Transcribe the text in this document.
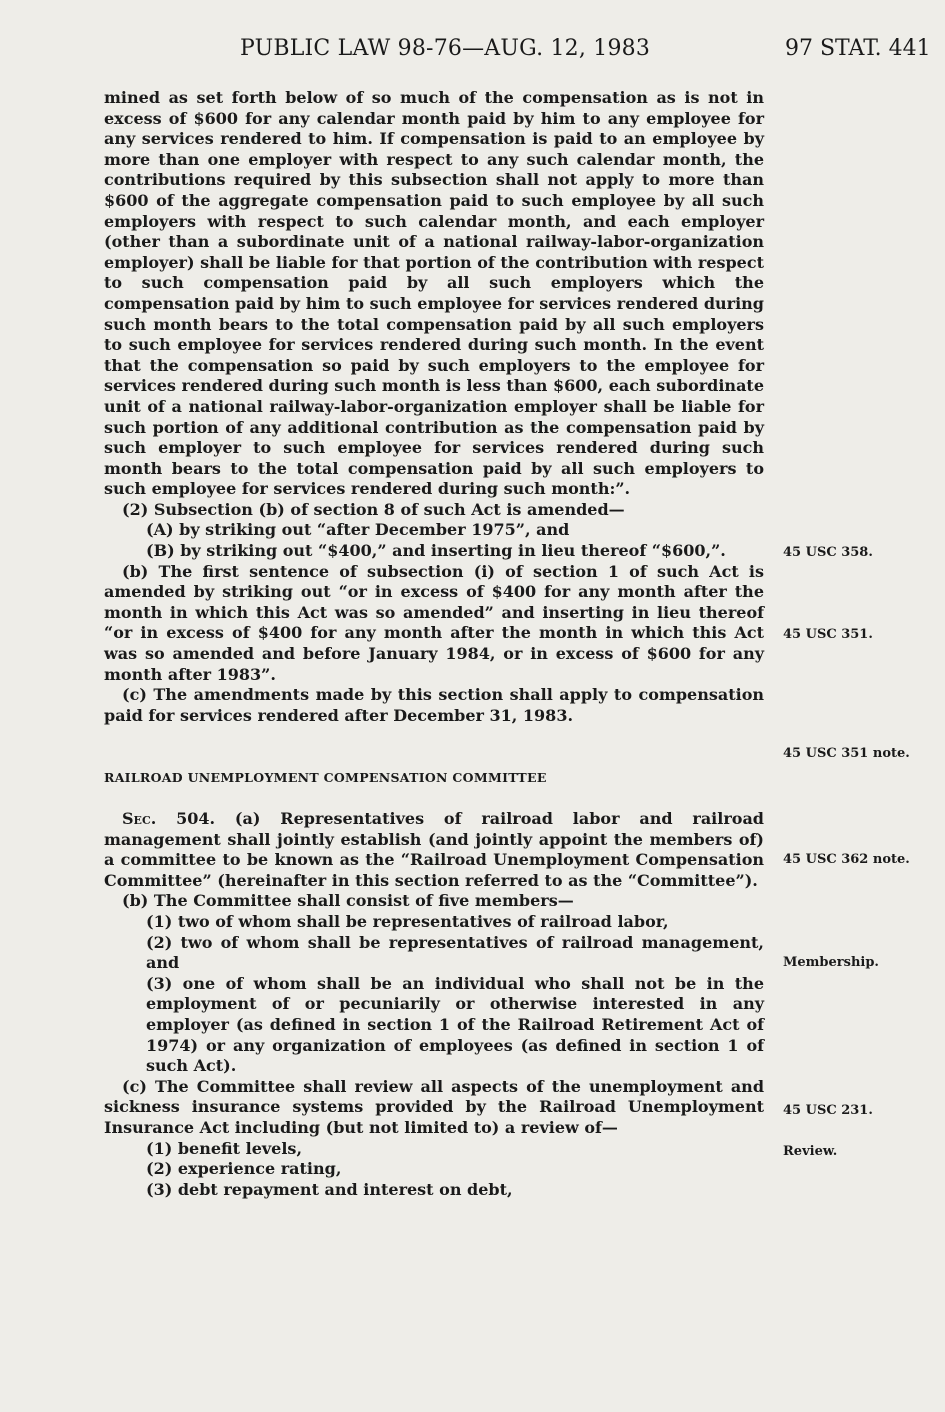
PUBLIC LAW 98-76—AUG. 12, 1983	97 STAT. 441

mined as set forth below of so much of the compensation as is not in excess of $600 for any calendar month paid by him to any employee for any services rendered to him. If compensation is paid to an employee by more than one employer with respect to any such calendar month, the contributions required by this subsection shall not apply to more than $600 of the aggregate compensation paid to such employee by all such employers with respect to such calendar month, and each employer (other than a subordinate unit of a national railway-labor-organization employer) shall be liable for that portion of the contribution with respect to such compensation paid by all such employers which the compensation paid by him to such employee for services rendered during such month bears to the total compensation paid by all such employers to such employee for services rendered during such month. In the event that the compensation so paid by such employers to the employee for services rendered during such month is less than $600, each subordinate unit of a national railway-labor-organization employer shall be liable for such portion of any additional contribution as the compensation paid by such employer to such employee for services rendered during such month bears to the total compensation paid by all such employers to such employee for services rendered during such month:”.

(2) Subsection (b) of section 8 of such Act is amended—

(A) by striking out “after December 1975”, and

(B) by striking out “$400,” and inserting in lieu thereof “$600,”.

(b) The first sentence of subsection (i) of section 1 of such Act is amended by striking out “or in excess of $400 for any month after the month in which this Act was so amended” and inserting in lieu thereof “or in excess of $400 for any month after the month in which this Act was so amended and before January 1984, or in excess of $600 for any month after 1983”.

(c) The amendments made by this section shall apply to compensation paid for services rendered after December 31, 1983.

RAILROAD UNEMPLOYMENT COMPENSATION COMMITTEE

Sec. 504. (a) Representatives of railroad labor and railroad management shall jointly establish (and jointly appoint the members of) a committee to be known as the “Railroad Unemployment Compensation Committee” (hereinafter in this section referred to as the “Committee”).

(b) The Committee shall consist of five members—

(1) two of whom shall be representatives of railroad labor,

(2) two of whom shall be representatives of railroad management, and

(3) one of whom shall be an individual who shall not be in the employment of or pecuniarily or otherwise interested in any employer (as defined in section 1 of the Railroad Retirement Act of 1974) or any organization of employees (as defined in section 1 of such Act).

(c) The Committee shall review all aspects of the unemployment and sickness insurance systems provided by the Railroad Unemployment Insurance Act including (but not limited to) a review of—

(1) benefit levels,

(2) experience rating,

(3) debt repayment and interest on debt,

45 USC 358.
45 USC 351.
45 USC 351 note.
45 USC 362 note.
Membership.
45 USC 231.
Review.
